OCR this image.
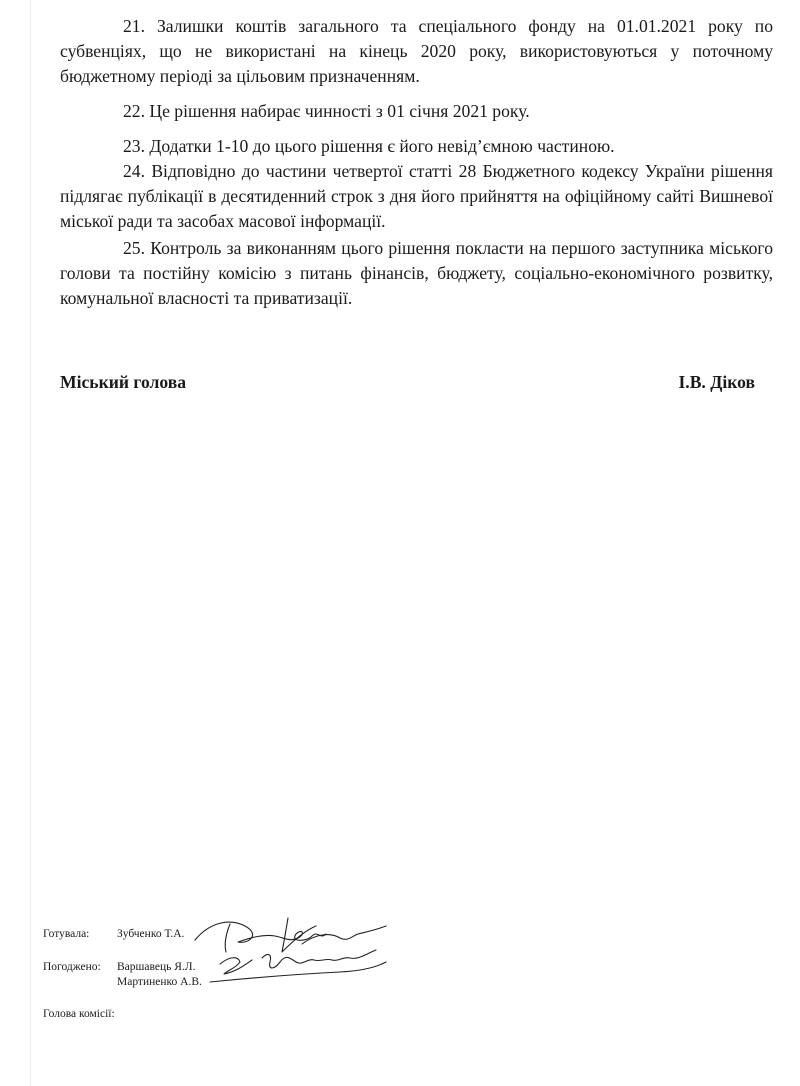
21. Залишки коштів загального та спеціального фонду на 01.01.2021 року по субвенціях, що не використані на кінець 2020 року, використовуються у поточному бюджетному періоді за цільовим призначенням.

22. Це рішення набирає чинності з 01 січня 2021 року.

23. Додатки 1-10 до цього рішення є його невід’ємною частиною.

24. Відповідно до частини четвертої статті 28 Бюджетного кодексу України рішення підлягає публікації в десятиденний строк з дня його прийняття на офіційному сайті Вишневої міської ради та засобах масової інформації.

25. Контроль за виконанням цього рішення покласти на першого заступника міського голови та постійну комісію з питань фінансів, бюджету, соціально-економічного розвитку, комунальної власності та приватизації.

Міський голова	І.В. Діков
Готувала: Зубченко Т.А.
Погоджено: Варшавець Я.Л.
Мартиненко А.В.
Голова комісії:
